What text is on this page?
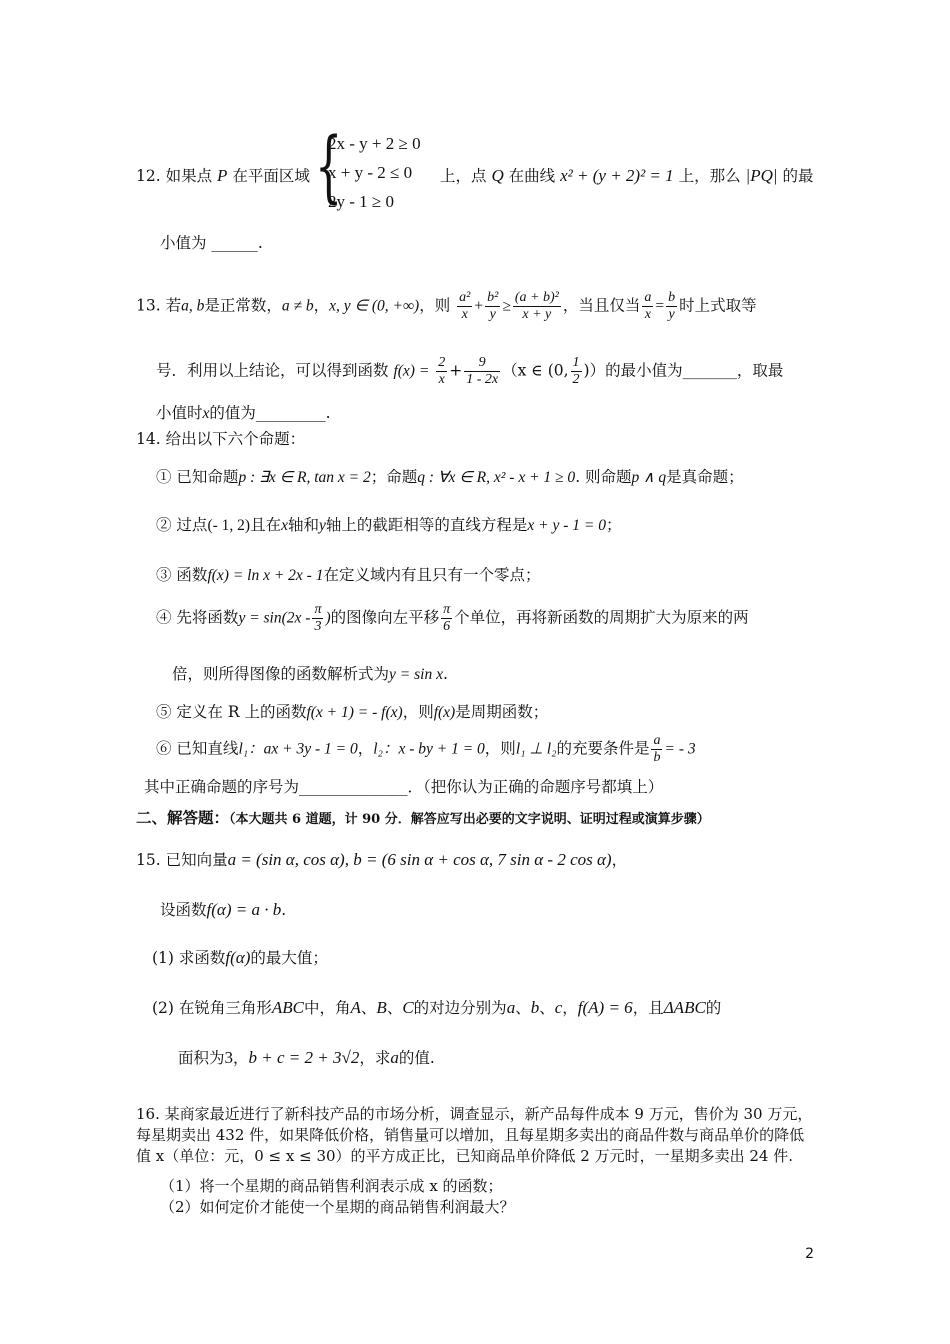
12. 如果点 P 在平面区域 {
2x - y + 2 ≥ 0
x + y - 2 ≤ 0
2y - 1 ≥ 0
上，点 Q 在曲线 x² + (y + 2)² = 1 上，那么 |PQ| 的最
小值为 ______.
13. 若a, b是正常数，a ≠ b，x, y ∈ (0, +∞)，则 $\frac{\text{a²}}{x} + \frac{\text{b²}}{y} \ge \frac{\text{(a + b)²}}{x + y}$ ，当且仅当 $\frac{a}{x} = \frac{b}{y}$ 时上式取等
号．利用以上结论，可以得到函数 $f(x) = \frac{2}{x} + \frac{9}{1 - 2x} (x$ ∈ (0, $\frac{1}{2}$ )）的最小值为_______，取最
小值时x的值为_________.
14. 给出以下六个命题：
① 已知命题p : ∃x ∈ R, tan x = 2；命题q : ∀x ∈ R, x² - x + 1 ≥ 0. 则命题p ∧ q是真命题；
② 过点(- 1, 2)且在x轴和y轴上的截距相等的直线方程是x + y - 1 = 0；
③ 函数f(x) = ln x + 2x - 1在定义域内有且只有一个零点；
④ 先将函数$y = \sin(2x - \frac{\pi}{3}$ )的图像向左平移 $\frac{\pi}{6}$ 个单位，再将新函数的周期扩大为原来的两
倍，则所得图像的函数解析式为y = sin x.
⑤ 定义在 R 上的函数f(x + 1) = - f(x)，则f(x)是周期函数；
⑥ 已知直线l₁：ax + 3y - 1 = 0，l₂：x - by + 1 = 0，则l₁ ⊥ l₂的充要条件是 $\frac{a}{b}$ = - 3
其中正确命题的序号为______________．（把你认为正确的命题序号都填上）
二、解答题：（本大题共 6 道题，计 90 分．解答应写出必要的文字说明、证明过程或演算步骤）
15. 已知向量a = (sin α, cos α), b = (6 sin α + cos α, 7 sin α - 2 cos α)，
设函数f(α) = a · b.
(1) 求函数f(α)的最大值；
(2) 在锐角三角形ABC中，角A、B、C的对边分别为a、b、c，f(A) = 6，且ΔABC的
面积为3，b + c = 2 + 3√2，求a的值.
16. 某商家最近进行了新科技产品的市场分析，调查显示，新产品每件成本 9 万元，售价为 30 万元，每星期卖出 432 件，如果降低价格，销售量可以增加，且每星期多卖出的商品件数与商品单价的降低值 x（单位：元，0 ≤ x ≤ 30）的平方成正比，已知商品单价降低 2 万元时，一星期多卖出 24 件.
（1）将一个星期的商品销售利润表示成 x 的函数；
（2）如何定价才能使一个星期的商品销售利润最大？
2
